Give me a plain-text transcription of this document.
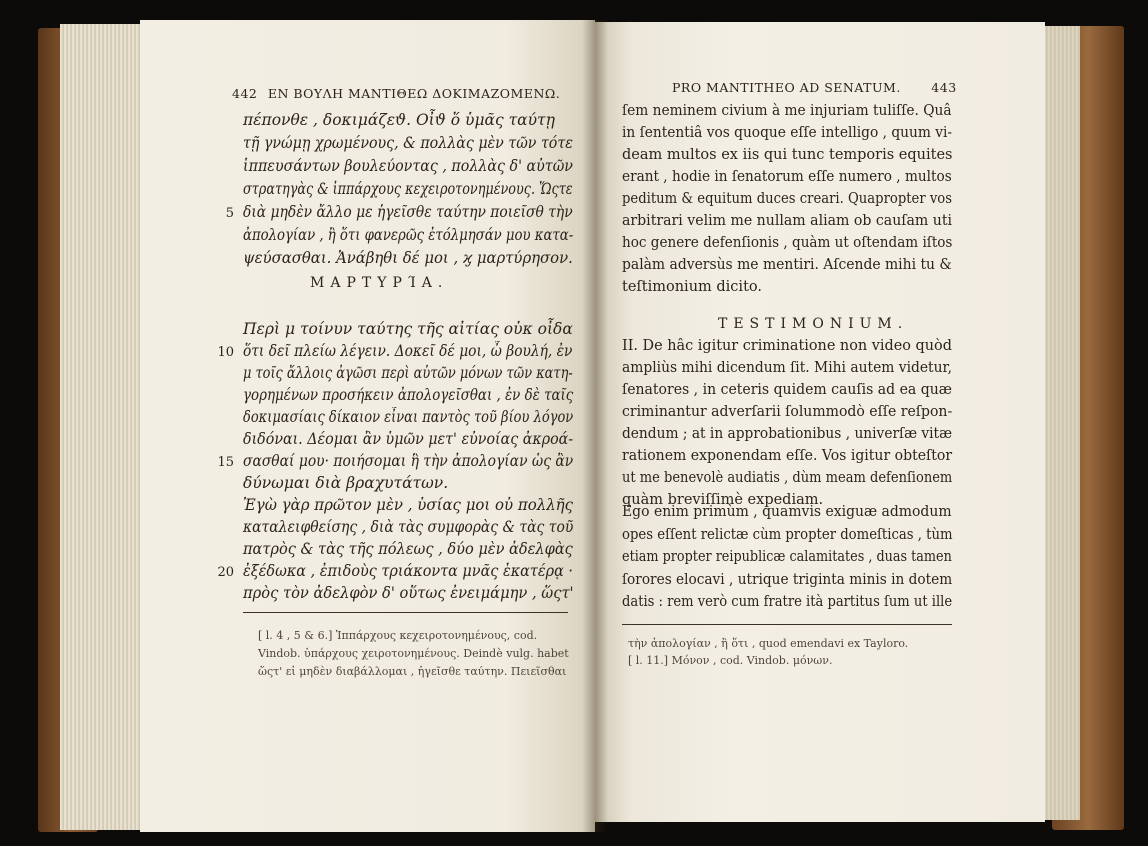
442 ΕΝ ΒΟΥΛΗ ΜΑΝΤΙΘΕΩ ΔΟΚΙΜΑΖΟΜΕΝΩ.
πέπονθε , δοκιμάζεϑ. Οἶϑ ὅ ὑμᾶς ταύτῃ
τῇ γνώμῃ χρωμένους, & πολλὰς μὲν τῶν τότε
ἱππευσάντων βουλεύοντας , πολλὰς δ' αὐτῶν
στρατηγὰς & ἱππάρχους κεχειροτονημένους. Ὥςτε
διὰ μηδὲν ἄλλο με ἡγεῖσθε ταύτην ποιεῖσθ τὴν
ἀπολογίαν , ἢ ὅτι φανερῶς ἐτόλμησάν μου κατα-
ψεύσασθαι. Ἀνάβηθι δέ μοι , ϗ μαρτύρησον.
ΜΑΡΤΥΡΊΑ.
Περὶ μ τοίνυν ταύτης τῆς αἰτίας οὐκ οἶδα
ὅτι δεῖ πλείω λέγειν. Δοκεῖ δέ μοι, ὦ βουλή, ἐν
μ τοῖς ἄλλοις ἀγῶσι περὶ αὐτῶν μόνων τῶν κατη-
γορημένων προσήκειν ἀπολογεῖσθαι , ἐν δὲ ταῖς
δοκιμασίαις δίκαιον εἶναι παντὸς τοῦ βίου λόγον
διδόναι. Δέομαι ἂν ὑμῶν μετ' εὐνοίας ἀκροά-
σασθαί μου· ποιήσομαι ἣ τὴν ἀπολογίαν ὡς ἂν
δύνωμαι διὰ βραχυτάτων.
Ἐγὼ γὰρ πρῶτον μὲν , ὑσίας μοι οὐ πολλῆς
καταλειφθείσης , διὰ τὰς συμφορὰς & τὰς τοῦ
πατρὸς & τὰς τῆς πόλεως , δύο μὲν ἀδελφὰς
ἐξέδωκα , ἐπιδοὺς τριάκοντα μνᾶς ἑκατέρᾳ ·
πρὸς τὸν ἀδελφὸν δ' οὕτως ἐνειμάμην , ὥςτ'
5
10
15
20
[ l. 4 , 5 & 6.] Ἱππάρχους κεχειροτονημένους, cod.
Vindob. ὑπάρχους χειροτονημένους. Deindè vulg. habet
ὥςτ' εἰ μηδὲν διαβάλλομαι , ἡγεῖσθε ταύτην. Πειεῖσθαι
PRO MANTITHEO AD SENATUM. 443
ſem neminem civium à me injuriam tuliſſe. Quâ
in ſententiâ vos quoque eſſe intelligo , quum vi-
deam multos ex iis qui tunc temporis equites
erant , hodie in ſenatorum eſſe numero , multos
peditum & equitum duces creari. Quapropter vos
arbitrari velim me nullam aliam ob cauſam uti
hoc genere defenſionis , quàm ut oſtendam iſtos
palàm adversùs me mentiri. Aſcende mihi tu &
teſtimonium dicito.
TESTIMONIUM.
II. De hâc igitur criminatione non video quòd
ampliùs mihi dicendum ſit. Mihi autem videtur,
ſenatores , in ceteris quidem cauſis ad ea quæ
criminantur adverſarii ſolummodò eſſe reſpon-
dendum ; at in approbationibus , univerſæ vitæ
rationem exponendam eſſe. Vos igitur obteſtor
ut me benevolè audiatis , dùm meam defenſionem
quàm breviſſimè expediam.
Ego enim primùm , quamvis exiguæ admodum
opes eſſent relictæ cùm propter domeſticas , tùm
etiam propter reipublicæ calamitates , duas tamen
ſorores elocavi , utrique triginta minis in dotem
datis : rem verò cum fratre ità partitus ſum ut ille
τὴν ἀπολογίαν , ἢ ὅτι , quod emendavi ex Tayloro.
[ l. 11.] Μόνον , cod. Vindob. μόνων.
